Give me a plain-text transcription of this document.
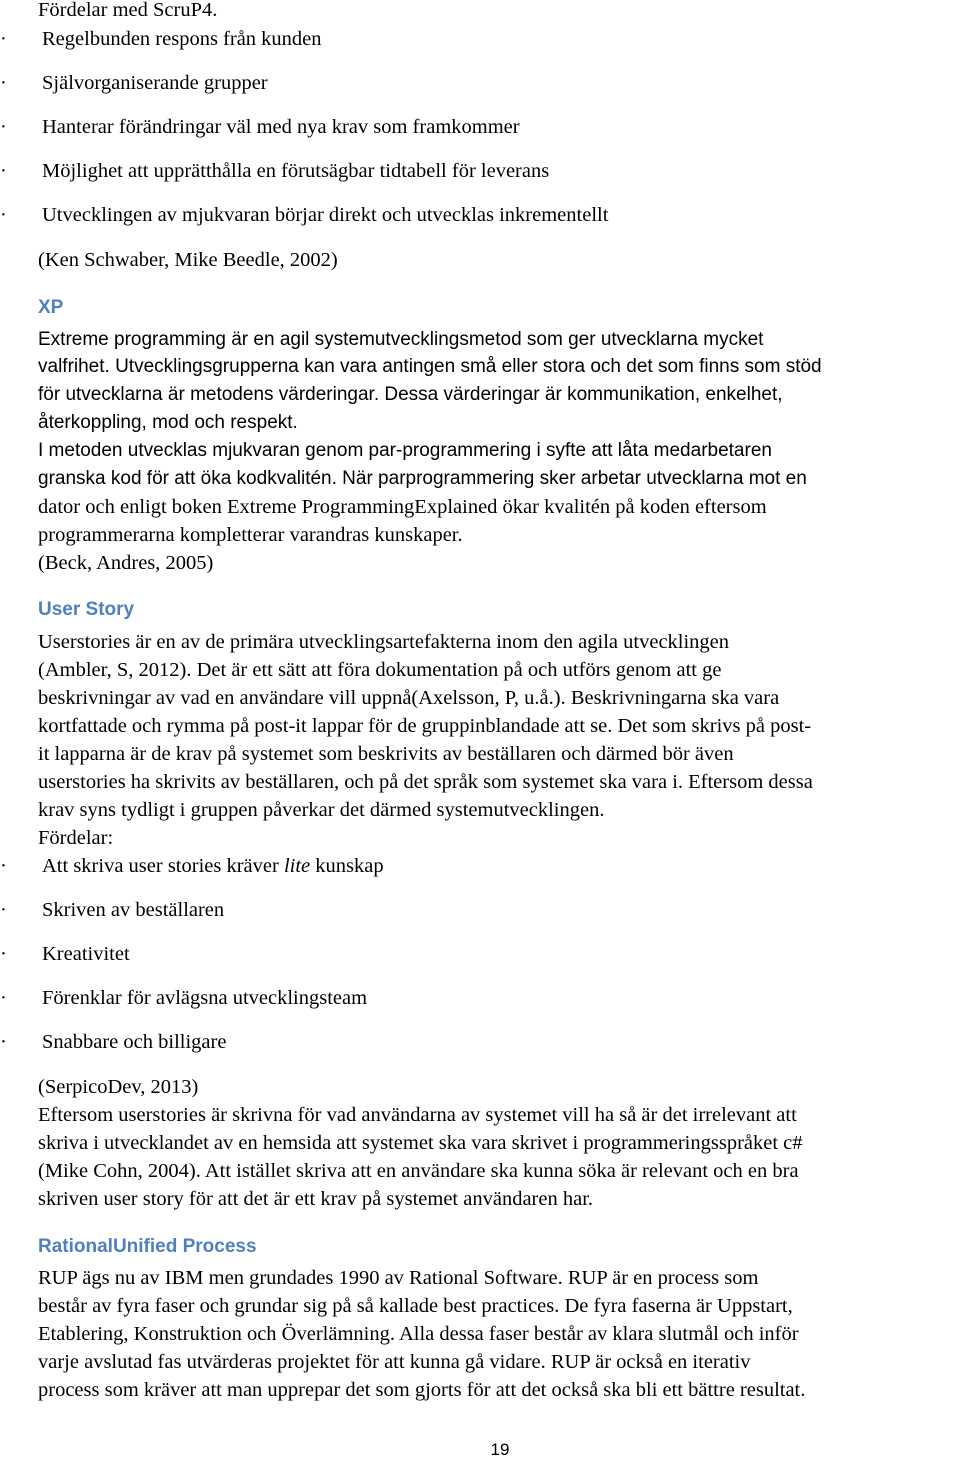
Fördelar med ScruP4.
·	Regelbunden respons från kunden
·	Självorganiserande grupper
·	Hanterar förändringar väl med nya krav som framkommer
·	Möjlighet att upprätthålla en förutsägbar tidtabell för leverans
·	Utvecklingen av mjukvaran börjar direkt och utvecklas inkrementellt
(Ken Schwaber, Mike Beedle, 2002)
XP
Extreme programming är en agil systemutvecklingsmetod som ger utvecklarna mycket
valfrihet. Utvecklingsgrupperna kan vara antingen små eller stora och det som finns som stöd
för utvecklarna är metodens värderingar. Dessa värderingar är kommunikation, enkelhet,
återkoppling, mod och respekt.
I metoden utvecklas mjukvaran genom par-programmering i syfte att låta medarbetaren
granska kod för att öka kodkvalitén. När parprogrammering sker arbetar utvecklarna mot en
dator och enligt boken Extreme ProgrammingExplained ökar kvalitén på koden eftersom
programmerarna kompletterar varandras kunskaper.
(Beck, Andres, 2005)
User Story
Userstories är en av de primära utvecklingsartefakterna inom den agila utvecklingen
(Ambler, S, 2012). Det är ett sätt att föra dokumentation på och utförs genom att ge
beskrivningar av vad en användare vill uppnå(Axelsson, P, u.å.). Beskrivningarna ska vara
kortfattade och rymma på post-it lappar för de gruppinblandade att se. Det som skrivs på post-
it lapparna är de krav på systemet som beskrivits av beställaren och därmed bör även
userstories ha skrivits av beställaren, och på det språk som systemet ska vara i. Eftersom dessa
krav syns tydligt i gruppen påverkar det därmed systemutvecklingen.
Fördelar:
·	Att skriva user stories kräver lite kunskap
·	Skriven av beställaren
·	Kreativitet
·	Förenklar för avlägsna utvecklingsteam
·	Snabbare och billigare
(SerpicoDev, 2013)
Eftersom userstories är skrivna för vad användarna av systemet vill ha så är det irrelevant att
skriva i utvecklandet av en hemsida att systemet ska vara skrivet i programmeringsspråket c#
(Mike Cohn, 2004). Att istället skriva att en användare ska kunna söka är relevant och en bra
skriven user story för att det är ett krav på systemet användaren har.
RationalUnified Process
RUP ägs nu av IBM men grundades 1990 av Rational Software. RUP är en process som
består av fyra faser och grundar sig på så kallade best practices. De fyra faserna är Uppstart,
Etablering, Konstruktion och Överlämning. Alla dessa faser består av klara slutmål och inför
varje avslutad fas utvärderas projektet för att kunna gå vidare. RUP är också en iterativ
process som kräver att man upprepar det som gjorts för att det också ska bli ett bättre resultat.
19
